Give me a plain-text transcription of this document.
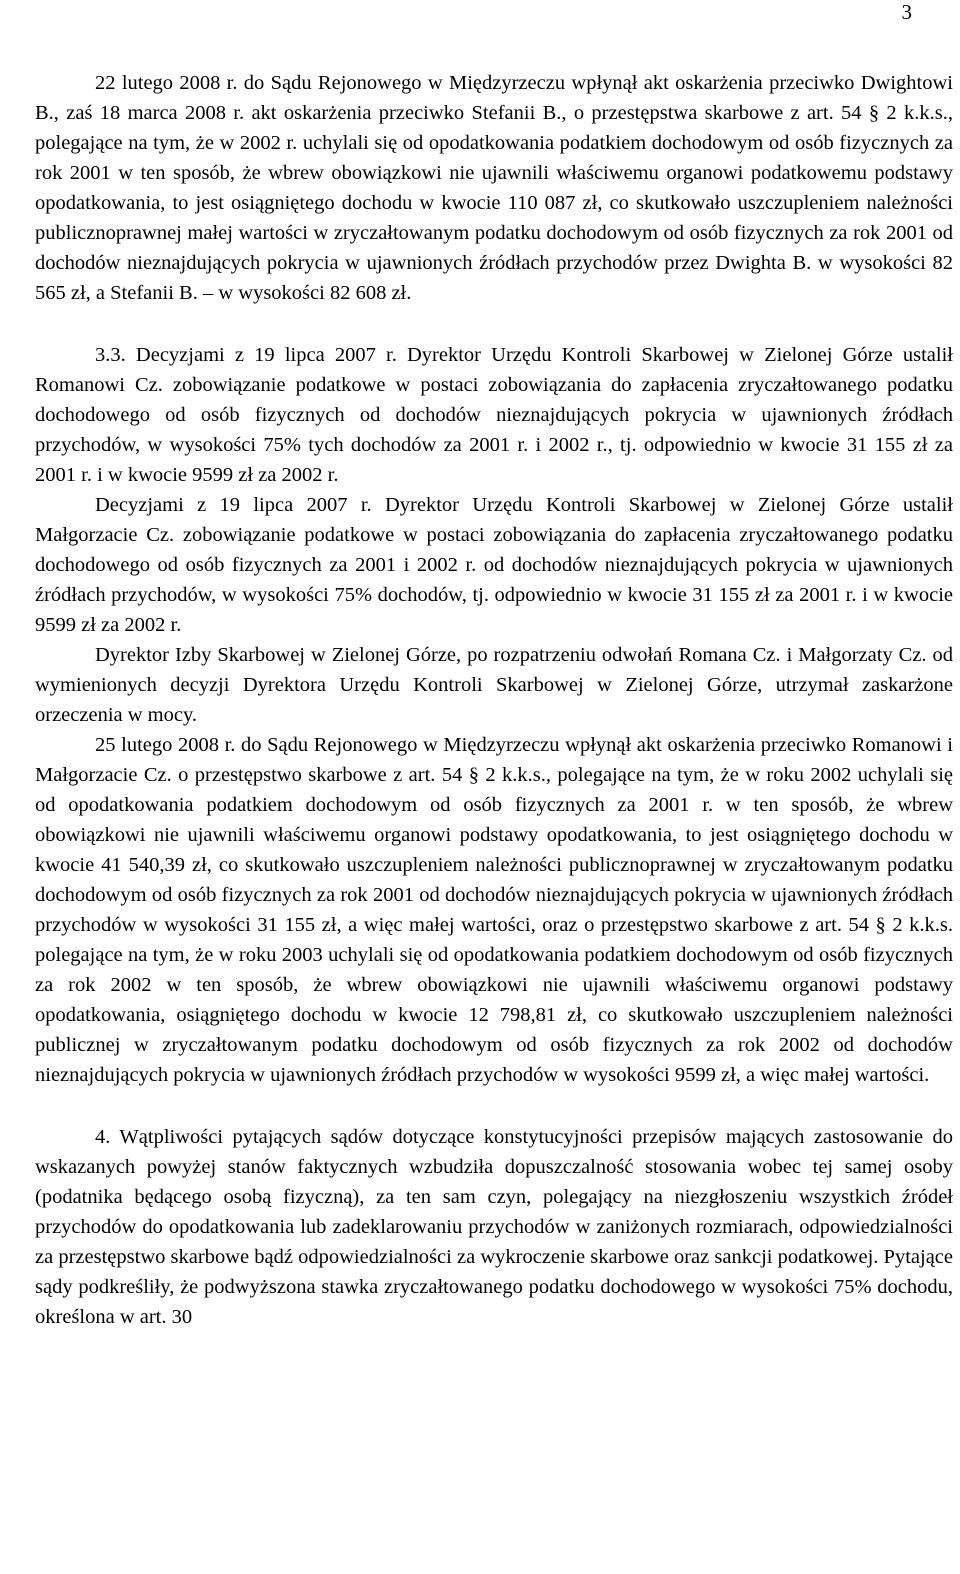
3

22 lutego 2008 r. do Sądu Rejonowego w Międzyrzeczu wpłynął akt oskarżenia przeciwko Dwightowi B., zaś 18 marca 2008 r. akt oskarżenia przeciwko Stefanii B., o przestępstwa skarbowe z art. 54 § 2 k.k.s., polegające na tym, że w 2002 r. uchylali się od opodatkowania podatkiem dochodowym od osób fizycznych za rok 2001 w ten sposób, że wbrew obowiązkowi nie ujawnili właściwemu organowi podatkowemu podstawy opodatkowania, to jest osiągniętego dochodu w kwocie 110 087 zł, co skutkowało uszczupleniem należności publicznoprawnej małej wartości w zryczałtowanym podatku dochodowym od osób fizycznych za rok 2001 od dochodów nieznajdujących pokrycia w ujawnionych źródłach przychodów przez Dwighta B. w wysokości 82 565 zł, a Stefanii B. – w wysokości 82 608 zł.

3.3. Decyzjami z 19 lipca 2007 r. Dyrektor Urzędu Kontroli Skarbowej w Zielonej Górze ustalił Romanowi Cz. zobowiązanie podatkowe w postaci zobowiązania do zapłacenia zryczałtowanego podatku dochodowego od osób fizycznych od dochodów nieznajdujących pokrycia w ujawnionych źródłach przychodów, w wysokości 75% tych dochodów za 2001 r. i 2002 r., tj. odpowiednio w kwocie 31 155 zł za 2001 r. i w kwocie 9599 zł za 2002 r.

Decyzjami z 19 lipca 2007 r. Dyrektor Urzędu Kontroli Skarbowej w Zielonej Górze ustalił Małgorzacie Cz. zobowiązanie podatkowe w postaci zobowiązania do zapłacenia zryczałtowanego podatku dochodowego od osób fizycznych za 2001 i 2002 r. od dochodów nieznajdujących pokrycia w ujawnionych źródłach przychodów, w wysokości 75% dochodów, tj. odpowiednio w kwocie 31 155 zł za 2001 r. i w kwocie 9599 zł za 2002 r.

Dyrektor Izby Skarbowej w Zielonej Górze, po rozpatrzeniu odwołań Romana Cz. i Małgorzaty Cz. od wymienionych decyzji Dyrektora Urzędu Kontroli Skarbowej w Zielonej Górze, utrzymał zaskarżone orzeczenia w mocy.

25 lutego 2008 r. do Sądu Rejonowego w Międzyrzeczu wpłynął akt oskarżenia przeciwko Romanowi i Małgorzacie Cz. o przestępstwo skarbowe z art. 54 § 2 k.k.s., polegające na tym, że w roku 2002 uchylali się od opodatkowania podatkiem dochodowym od osób fizycznych za 2001 r. w ten sposób, że wbrew obowiązkowi nie ujawnili właściwemu organowi podstawy opodatkowania, to jest osiągniętego dochodu w kwocie 41 540,39 zł, co skutkowało uszczupleniem należności publicznoprawnej w zryczałtowanym podatku dochodowym od osób fizycznych za rok 2001 od dochodów nieznajdujących pokrycia w ujawnionych źródłach przychodów w wysokości 31 155 zł, a więc małej wartości, oraz o przestępstwo skarbowe z art. 54 § 2 k.k.s. polegające na tym, że w roku 2003 uchylali się od opodatkowania podatkiem dochodowym od osób fizycznych za rok 2002 w ten sposób, że wbrew obowiązkowi nie ujawnili właściwemu organowi podstawy opodatkowania, osiągniętego dochodu w kwocie 12 798,81 zł, co skutkowało uszczupleniem należności publicznej w zryczałtowanym podatku dochodowym od osób fizycznych za rok 2002 od dochodów nieznajdujących pokrycia w ujawnionych źródłach przychodów w wysokości 9599 zł, a więc małej wartości.

4. Wątpliwości pytających sądów dotyczące konstytucyjności przepisów mających zastosowanie do wskazanych powyżej stanów faktycznych wzbudziła dopuszczalność stosowania wobec tej samej osoby (podatnika będącego osobą fizyczną), za ten sam czyn, polegający na niezgłoszeniu wszystkich źródeł przychodów do opodatkowania lub zadeklarowaniu przychodów w zaniżonych rozmiarach, odpowiedzialności za przestępstwo skarbowe bądź odpowiedzialności za wykroczenie skarbowe oraz sankcji podatkowej. Pytające sądy podkreśliły, że podwyższona stawka zryczałtowanego podatku dochodowego w wysokości 75% dochodu, określona w art. 30
